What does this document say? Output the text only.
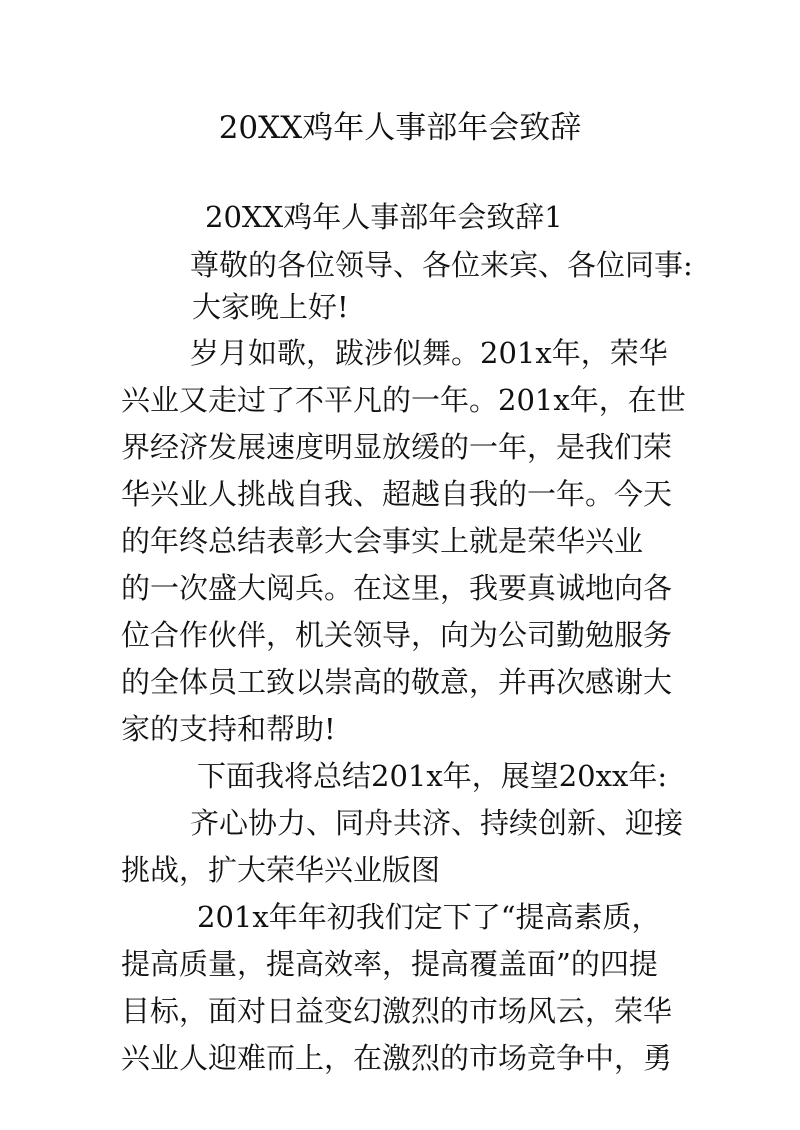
20XX鸡年人事部年会致辞
20XX鸡年人事部年会致辞1
尊敬的各位领导、各位来宾、各位同事:
大家晚上好!
岁月如歌，跋涉似舞。201x年，荣华
兴业又走过了不平凡的一年。201x年，在世
界经济发展速度明显放缓的一年，是我们荣
华兴业人挑战自我、超越自我的一年。今天
的年终总结表彰大会事实上就是荣华兴业
的一次盛大阅兵。在这里，我要真诚地向各
位合作伙伴，机关领导，向为公司勤勉服务
的全体员工致以崇高的敬意，并再次感谢大
家的支持和帮助!
下面我将总结201x年，展望20xx年:
齐心协力、同舟共济、持续创新、迎接
挑战，扩大荣华兴业版图
201x年年初我们定下了“提高素质，
提高质量，提高效率，提高覆盖面”的四提
目标，面对日益变幻激烈的市场风云，荣华
兴业人迎难而上，在激烈的市场竞争中，勇
